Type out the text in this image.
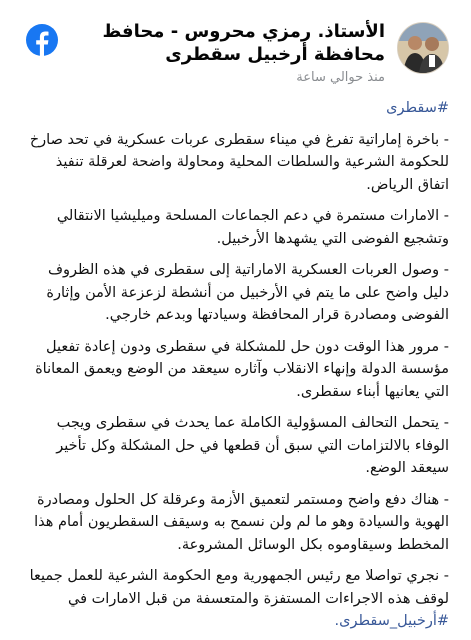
الأستاذ. رمزي محروس - محافظ محافظة أرخبيل سقطرى
منذ حوالي ساعة

#سقطرى

- باخرة إماراتية تفرغ في ميناء سقطرى عربات عسكرية في تحد صارخ للحكومة الشرعية والسلطات المحلية ومحاولة واضحة لعرقلة تنفيذ اتفاق الرياض.

- الامارات مستمرة في دعم الجماعات المسلحة وميليشيا الانتقالي وتشجيع الفوضى التي يشهدها الأرخبيل.

- وصول العربات العسكرية الاماراتية إلى سقطرى في هذه الظروف دليل واضح على ما يتم في الأرخبيل من أنشطة لزعزعة الأمن وإثارة الفوضى ومصادرة قرار المحافظة وسيادتها وبدعم خارجي.

- مرور هذا الوقت دون حل للمشكلة في سقطرى ودون إعادة تفعيل مؤسسة الدولة وإنهاء الانقلاب وآثاره سيعقد من الوضع ويعمق المعاناة التي يعانيها أبناء سقطرى.

- يتحمل التحالف المسؤولية الكاملة عما يحدث في سقطرى ويجب الوفاء بالالتزامات التي سبق أن قطعها في حل المشكلة وكل تأخير سيعقد الوضع.

- هناك دفع واضح ومستمر لتعميق الأزمة وعرقلة كل الحلول ومصادرة الهوية والسيادة وهو ما لم ولن نسمح به وسيقف السقطريون أمام هذا المخطط وسيقاوموه بكل الوسائل المشروعة.

- نجري تواصلا مع رئيس الجمهورية ومع الحكومة الشرعية للعمل جميعا لوقف هذه الاجراءات المستفزة والمتعسفة من قبل الامارات في
#أرخبيل_سقطرى.
